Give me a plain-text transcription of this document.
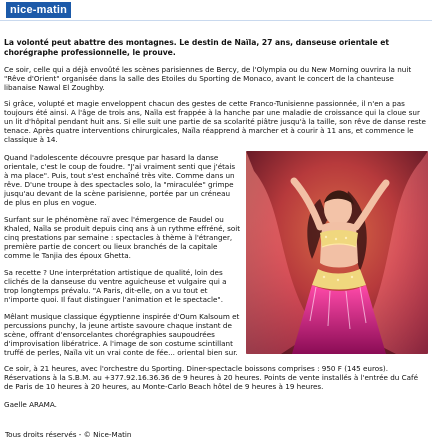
nice-matin

La volonté peut abattre des montagnes. Le destin de Naïla, 27 ans, danseuse orientale et chorégraphe professionnelle, le prouve.

Ce soir, celle qui a déjà envoûté les scènes parisiennes de Bercy, de l'Olympia ou du New Morning ouvrira la nuit "Rêve d'Orient" organisée dans la salle des Etoiles du Sporting de Monaco, avant le concert de la chanteuse libanaise Nawal El Zoughby.

Si grâce, volupté et magie enveloppent chacun des gestes de cette Franco-Tunisienne passionnée, il n'en a pas toujours été ainsi. A l'âge de trois ans, Naïla est frappée à la hanche par une maladie de croissance qui la cloue sur un lit d'hôpital pendant huit ans. Si elle suit une partie de sa scolarité piâtre jusqu'à la taille, son rêve de danse reste tenace. Après quatre interventions chirurgicales, Naïla réapprend à marcher et à courir à 11 ans, et commence le classique à 14.

Quand l'adolescente découvre presque par hasard la danse orientale, c'est le coup de foudre. "J'ai vraiment senti que j'étais à ma place". Puis, tout s'est enchaîné très vite. Comme dans un rêve. D'une troupe à des spectacles solo, la "miraculée" grimpe jusqu'au devant de la scène parisienne, portée par un créneau de plus en plus en vogue.

Surfant sur le phénomène raï avec l'émergence de Faudel ou Khaled, Naïla se produit depuis cinq ans à un rythme effréné, soit cinq prestations par semaine : spectacles à thème à l'étranger, première partie de concert ou lieux branchés de la capitale comme le Tanjia des époux Ghetta.

Sa recette ? Une interprétation artistique de qualité, loin des clichés de la danseuse du ventre aguicheuse et vulgaire qui a trop longtemps prévalu. "A Paris, dit-elle, on a vu tout et n'importe quoi. Il faut distinguer l'animation et le spectacle".

Mêlant musique classique égyptienne inspirée d'Oum Kalsoum et percussions punchy, la jeune artiste savoure chaque instant de scène, offrant d'ensorcelantes chorégraphies saupoudrées d'improvisation libératrice. A l'image de son costume scintillant truffé de perles, Naïla vit un vrai conte de fée... oriental bien sur.

Ce soir, à 21 heures, avec l'orchestre du Sporting. Diner-spectacle boissons comprises : 950 F (145 euros). Réservations à la S.B.M. au +377.92.16.36.36 de 9 heures à 20 heures. Points de vente installés à l'entrée du Café de Paris de 10 heures à 20 heures, au Monte-Carlo Beach hôtel de 9 heures à 19 heures.

Gaelle ARAMA.

Tous droits réservés - © Nice-Matin
